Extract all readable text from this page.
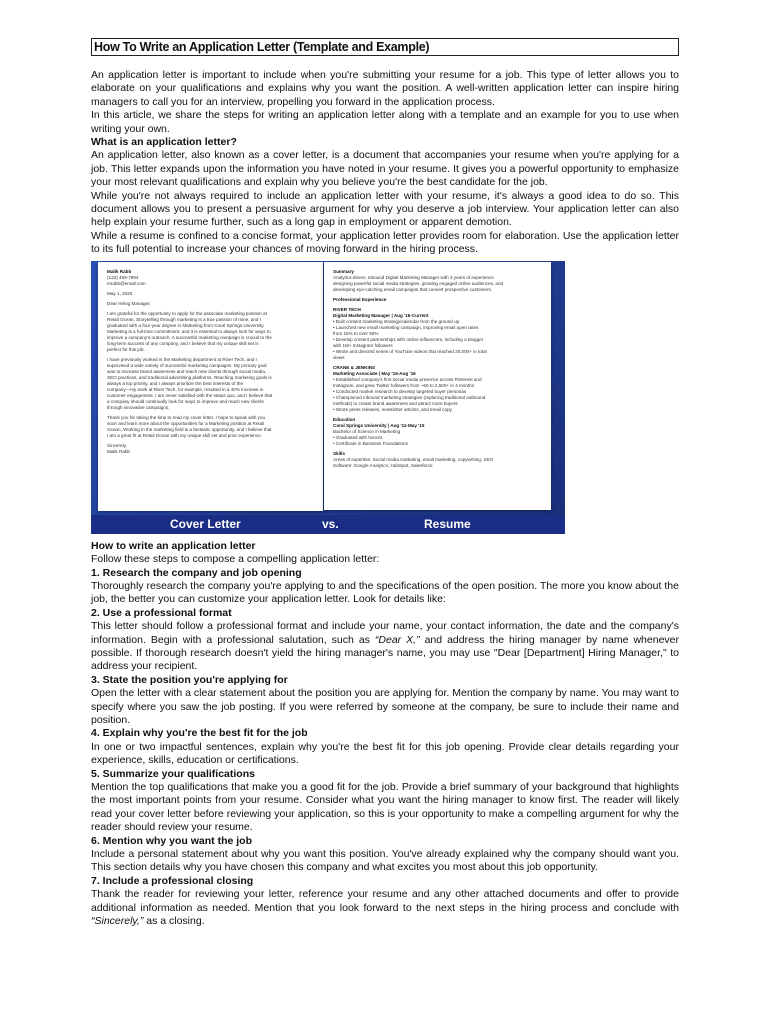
How To Write an Application Letter (Template and Example)

An application letter is important to include when you're submitting your resume for a job. This type of letter allows you to elaborate on your qualifications and explains why you want the position. A well-written application letter can inspire hiring managers to call you for an interview, propelling you forward in the application process.

In this article, we share the steps for writing an application letter along with a template and an example for you to use when writing your own.

What is an application letter?

An application letter, also known as a cover letter, is a document that accompanies your resume when you're applying for a job. This letter expands upon the information you have noted in your resume. It gives you a powerful opportunity to emphasize your most relevant qualifications and explain why you believe you're the best candidate for the job.

While you're not always required to include an application letter with your resume, it's always a good idea to do so. This document allows you to present a persuasive argument for why you deserve a job interview. Your application letter can also help explain your resume further, such as a long gap in employment or apparent demotion.

While a resume is confined to a concise format, your application letter provides room for elaboration. Use the application letter to its full potential to increase your chances of moving forward in the hiring process.

Malik Rabb
(123) 456-7894
mrabb@email.com
May 1, 2020
Dear Hiring Manager,
I am grateful for the opportunity to apply for the associate marketing position at
Retail Ocean. Storytelling through marketing is a true passion of mine, and I
graduated with a four-year degree in Marketing from Coral Springs University.
Marketing is a full-time commitment, and it is essential to always look for ways to
improve a company's outreach. A successful marketing campaign is crucial to the
long-term success of any company, and I believe that my unique skill set is
perfect for this job.
I have previously worked in the Marketing department at River Tech, and I
supervised a wide variety of successful marketing campaigns. My primary goal
was to increase brand awareness and reach new clients through social media,
SEO practices, and traditional advertising platforms. Reaching marketing goals is
always a top priority, and I always prioritize the best interests of the
company—my work at River Tech, for example, resulted in a 40% increase in
customer engagement. I am never satisfied with the status quo, and I believe that
a company should continually look for ways to improve and reach new clients
through innovative campaigns.
Thank you for taking the time to read my cover letter. I hope to speak with you
soon and learn more about the opportunities for a Marketing position at Retail
Ocean. Working in the marketing field is a fantastic opportunity, and I believe that
I am a great fit at Retail Ocean with my unique skill set and prior experience.
Sincerely,
Malik Rabb
Summary
Analytics-driven, inbound Digital Marketing Manager with 3 years of experience
designing powerful social media strategies, growing engaged online audiences, and
developing eye-catching email campaigns that convert prospective customers.
Professional Experience
RIVER TECH
Digital Marketing Manager | Aug '16-Current
• Built content marketing strategy/calendar from the ground up
• Launched new email marketing campaign, improving email open rates
from 15% to over 50%
• Develop content partnerships with online influencers, including a blogger
with 1M+ Instagram followers
• Wrote and directed series of YouTube videos that reached 20,000+ in total
views
CRANE & JENKINS
Marketing Associate | May '15-Aug '16
• Established company's first social media presence across Pinterest and
Instagram, and grew Twitter followers from ~50 to 2,500+ in 4 months
• Conducted market research to develop targeted buyer personas
• Championed inbound marketing strategies (replacing traditional outbound
methods) to create brand awareness and attract more buyers
• Wrote press releases, newsletter articles, and email copy
Education
Coral Springs University | Aug '11-May '15
Bachelor of Science in Marketing
• Graduated with honors
• Certificate in Business Foundations
Skills
Areas of expertise: Social media marketing, email marketing, copywriting, SEO
Software: Google Analytics, HubSpot, Salesforce
Cover Letter	vs.	Resume

How to write an application letter

Follow these steps to compose a compelling application letter:

1. Research the company and job opening

Thoroughly research the company you're applying to and the specifications of the open position. The more you know about the job, the better you can customize your application letter. Look for details like:

2. Use a professional format

This letter should follow a professional format and include your name, your contact information, the date and the company's information. Begin with a professional salutation, such as “Dear X,” and address the hiring manager by name whenever possible. If thorough research doesn't yield the hiring manager's name, you may use "Dear [Department] Hiring Manager," to address your recipient.

3. State the position you're applying for

Open the letter with a clear statement about the position you are applying for. Mention the company by name. You may want to specify where you saw the job posting. If you were referred by someone at the company, be sure to include their name and position.

4. Explain why you're the best fit for the job

In one or two impactful sentences, explain why you're the best fit for this job opening. Provide clear details regarding your experience, skills, education or certifications.

5. Summarize your qualifications

Mention the top qualifications that make you a good fit for the job. Provide a brief summary of your background that highlights the most important points from your resume. Consider what you want the hiring manager to know first. The reader will likely read your cover letter before reviewing your application, so this is your opportunity to make a compelling argument for why the reader should review your resume.

6. Mention why you want the job

Include a personal statement about why you want this position. You've already explained why the company should want you. This section details why you have chosen this company and what excites you most about this job opportunity.

7. Include a professional closing

Thank the reader for reviewing your letter, reference your resume and any other attached documents and offer to provide additional information as needed. Mention that you look forward to the next steps in the hiring process and conclude with “Sincerely,” as a closing.
